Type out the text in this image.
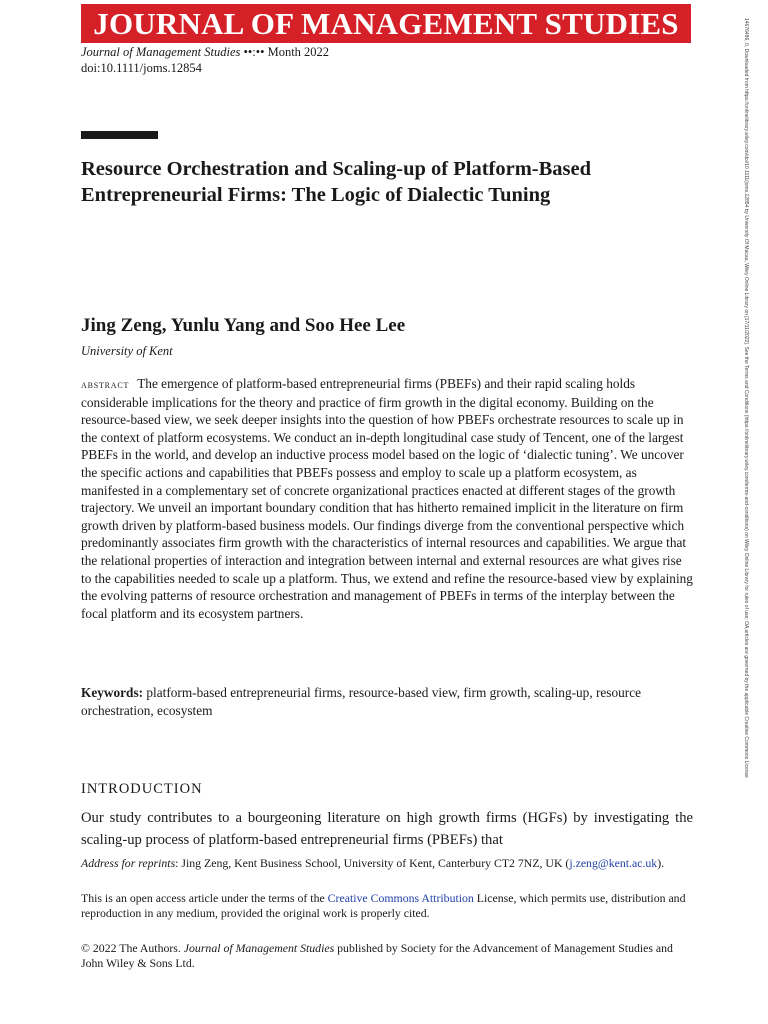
JOURNAL OF MANAGEMENT STUDIES
Journal of Management Studies ••:•• Month 2022
doi:10.1111/joms.12854	14676486, 0, Downloaded from https://onlinelibrary.wiley.com/doi/10.1111/joms.12854 by University Of Macau, Wiley Online Library on [17/11/2022]. See the Terms and Conditions (https://onlinelibrary.wiley.com/terms-and-conditions) on Wiley Online Library for rules of use; OA articles are governed by the applicable Creative Commons License
Resource Orchestration and Scaling-up of Platform-Based Entrepreneurial Firms: The Logic of Dialectic Tuning
Jing Zeng, Yunlu Yang and Soo Hee Lee
University of Kent

abstract The emergence of platform-based entrepreneurial firms (PBEFs) and their rapid scaling holds considerable implications for the theory and practice of firm growth in the digital economy. Building on the resource-based view, we seek deeper insights into the question of how PBEFs orchestrate resources to scale up in the context of platform ecosystems. We conduct an in-depth longitudinal case study of Tencent, one of the largest PBEFs in the world, and develop an inductive process model based on the logic of ‘dialectic tuning’. We uncover the specific actions and capabilities that PBEFs possess and employ to scale up a platform ecosystem, as manifested in a complementary set of concrete organizational practices enacted at different stages of the growth trajectory. We unveil an important boundary condition that has hitherto remained implicit in the literature on firm growth driven by platform-based business models. Our findings diverge from the conventional perspective which predominantly associates firm growth with the characteristics of internal resources and capabilities. We argue that the relational properties of interaction and integration between internal and external resources are what gives rise to the capabilities needed to scale up a platform. Thus, we extend and refine the resource-based view by explaining the evolving patterns of resource orchestration and management of PBEFs in terms of the interplay between the focal platform and its ecosystem partners.

Keywords: platform-based entrepreneurial firms, resource-based view, firm growth, scaling-up, resource orchestration, ecosystem

INTRODUCTION

Our study contributes to a bourgeoning literature on high growth firms (HGFs) by investigating the scaling-up process of platform-based entrepreneurial firms (PBEFs) that

Address for reprints: Jing Zeng, Kent Business School, University of Kent, Canterbury CT2 7NZ, UK (j.zeng@kent.ac.uk).

This is an open access article under the terms of the Creative Commons Attribution License, which permits use, distribution and reproduction in any medium, provided the original work is properly cited.

© 2022 The Authors. Journal of Management Studies published by Society for the Advancement of Management Studies and John Wiley & Sons Ltd.
